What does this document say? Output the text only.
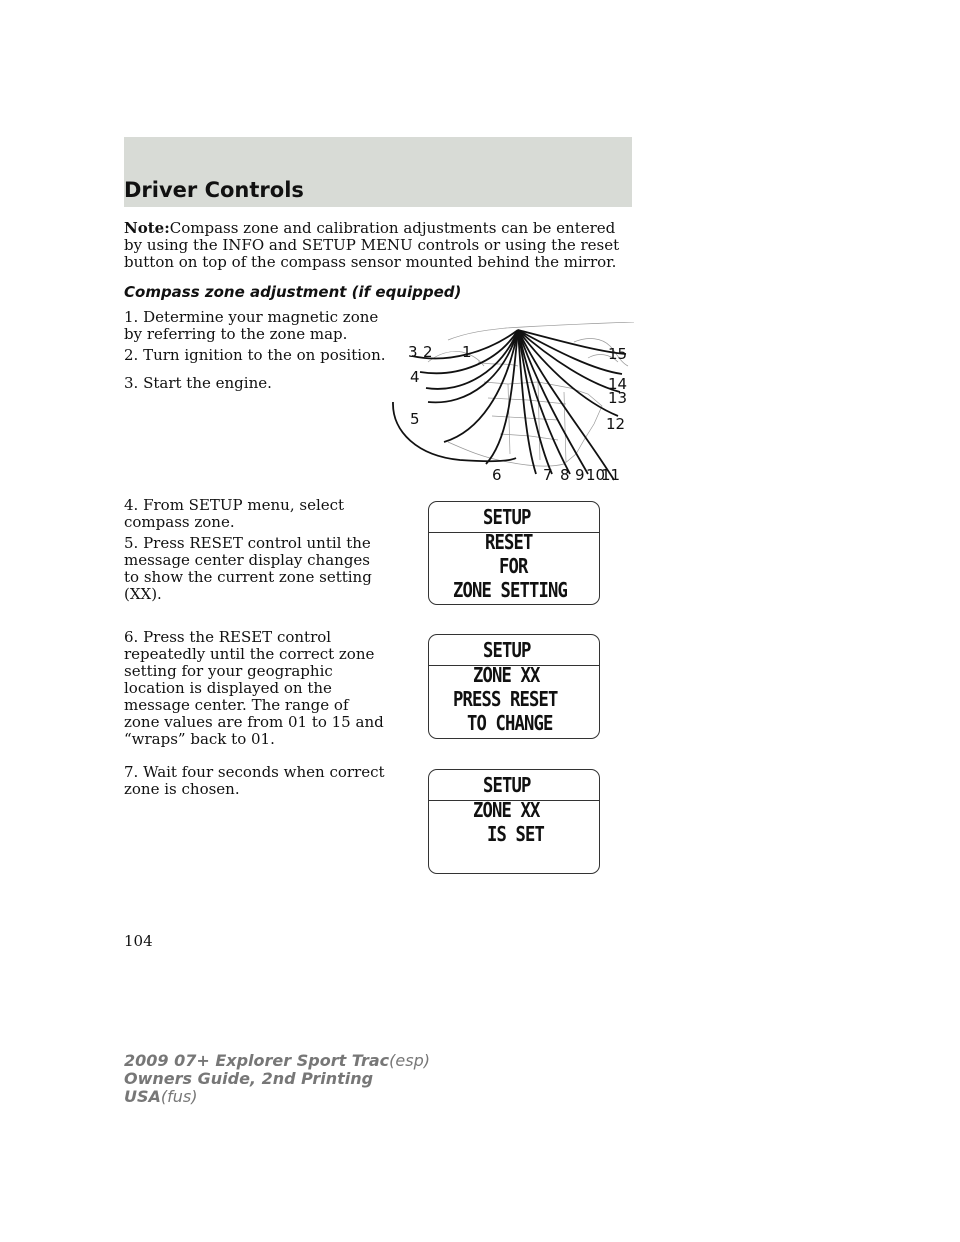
Driver Controls

Note:Compass zone and calibration adjustments can be entered by using the INFO and SETUP MENU controls or using the reset button on top of the compass sensor mounted behind the mirror.

Compass zone adjustment (if equipped)

1. Determine your magnetic zone by referring to the zone map.

2. Turn ignition to the on position.

3. Start the engine.

4. From SETUP menu, select compass zone.

5. Press RESET control until the message center display changes to show the current zone setting (XX).

6. Press the RESET control repeatedly until the correct zone setting for your geographic location is displayed on the message center. The range of zone values are from 01 to 15 and “wraps” back to 01.

7. Wait four seconds when correct zone is chosen.

3 2 1
4
5
6	7 8 9 10
11
12
13
14
15
SETUP
RESET
FOR
ZONE SETTING
SETUP
ZONE XX
PRESS RESET
TO CHANGE
SETUP
ZONE XX
IS SET

104

2009 07+ Explorer Sport Trac(esp)
Owners Guide, 2nd Printing
USA(fus)
